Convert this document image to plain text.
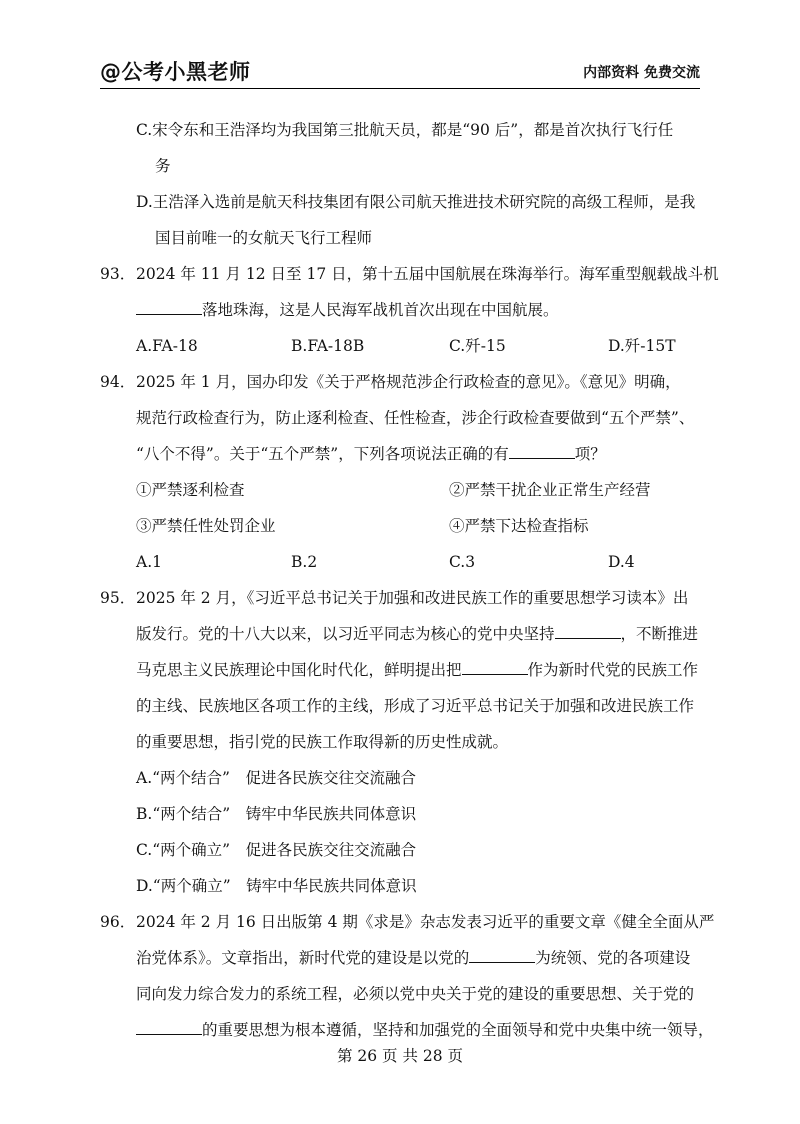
@公考小黑老师	内部资料 免费交流
C.宋令东和王浩泽均为我国第三批航天员，都是“90 后”，都是首次执行飞行任
务
D.王浩泽入选前是航天科技集团有限公司航天推进技术研究院的高级工程师，是我
国目前唯一的女航天飞行工程师
93． 2024 年 11 月 12 日至 17 日，第十五届中国航展在珠海举行。海军重型舰载战斗机
落地珠海，这是人民海军战机首次出现在中国航展。
A.FA-18	B.FA-18B	C.歼-15	D.歼-15T
94． 2025 年 1 月，国办印发《关于严格规范涉企行政检查的意见》。《意见》明确，
规范行政检查行为，防止逐利检查、任性检查，涉企行政检查要做到“五个严禁”、
“八个不得”。关于“五个严禁”，下列各项说法正确的有	项？
①严禁逐利检查	②严禁干扰企业正常生产经营
③严禁任性处罚企业	④严禁下达检查指标
A.1	B.2	C.3	D.4
95． 2025 年 2 月，《习近平总书记关于加强和改进民族工作的重要思想学习读本》出
版发行。党的十八大以来，以习近平同志为核心的党中央坚持	，不断推进
马克思主义民族理论中国化时代化，鲜明提出把	作为新时代党的民族工作
的主线、民族地区各项工作的主线，形成了习近平总书记关于加强和改进民族工作
的重要思想，指引党的民族工作取得新的历史性成就。
A.“两个结合”　促进各民族交往交流融合
B.“两个结合”　铸牢中华民族共同体意识
C.“两个确立”　促进各民族交往交流融合
D.“两个确立”　铸牢中华民族共同体意识
96． 2024 年 2 月 16 日出版第 4 期《求是》杂志发表习近平的重要文章《健全全面从严
治党体系》。文章指出，新时代党的建设是以党的	为统领、党的各项建设
同向发力综合发力的系统工程，必须以党中央关于党的建设的重要思想、关于党的
的重要思想为根本遵循，坚持和加强党的全面领导和党中央集中统一领导，
第 26 页 共 28 页
